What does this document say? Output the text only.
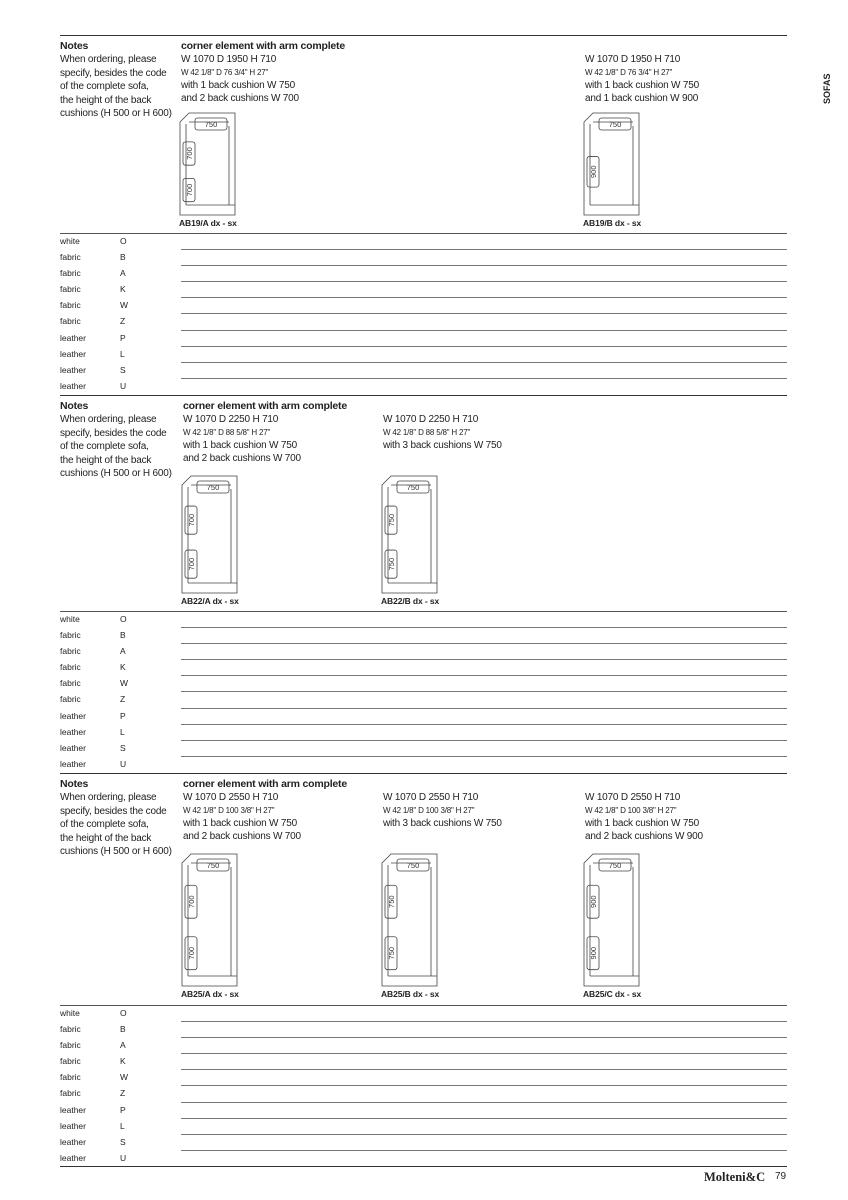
Notes
When ordering, please
specify, besides the code
of the complete sofa,
the height of the back
cushions (H 500 or H 600)
corner element with arm complete
W 1070 D 1950 H 710
W 42 1/8" D 76 3/4" H 27"
with 1 back cushion W 750
and 2 back cushions W 700
750
700
700
AB19/A dx - sx
W 1070 D 1950 H 710
W 42 1/8" D 76 3/4" H 27"
with 1 back cushion W 750
and 1 back cushion W 900
750
900
AB19/B dx - sx
white	O
fabric	B
fabric	A
fabric	K
fabric	W
fabric	Z
leather	P
leather	L
leather	S
leather	U
Notes
When ordering, please
specify, besides the code
of the complete sofa,
the height of the back
cushions (H 500 or H 600)
corner element with arm complete
W 1070 D 2250 H 710
W 42 1/8" D 88 5/8" H 27"
with 1 back cushion W 750
and 2 back cushions W 700
750
700
700
AB22/A dx - sx
W 1070 D 2250 H 710
W 42 1/8" D 88 5/8" H 27"
with 3 back cushions W 750
750
750
750
AB22/B dx - sx
white	O
fabric	B
fabric	A
fabric	K
fabric	W
fabric	Z
leather	P
leather	L
leather	S
leather	U
Notes
When ordering, please
specify, besides the code
of the complete sofa,
the height of the back
cushions (H 500 or H 600)
corner element with arm complete
W 1070 D 2550 H 710
W 42 1/8" D 100 3/8" H 27"
with 1 back cushion W 750
and 2 back cushions W 700
750
700
700
AB25/A dx - sx
W 1070 D 2550 H 710
W 42 1/8" D 100 3/8" H 27"
with 3 back cushions W 750
750
750
750
AB25/B dx - sx
W 1070 D 2550 H 710
W 42 1/8" D 100 3/8" H 27"
with 1 back cushion W 750
and 2 back cushions W 900
750
900
900
AB25/C dx - sx
white	O
fabric	B
fabric	A
fabric	K
fabric	W
fabric	Z
leather	P
leather	L
leather	S
leather	U
SOFAS
Molteni&C 79
